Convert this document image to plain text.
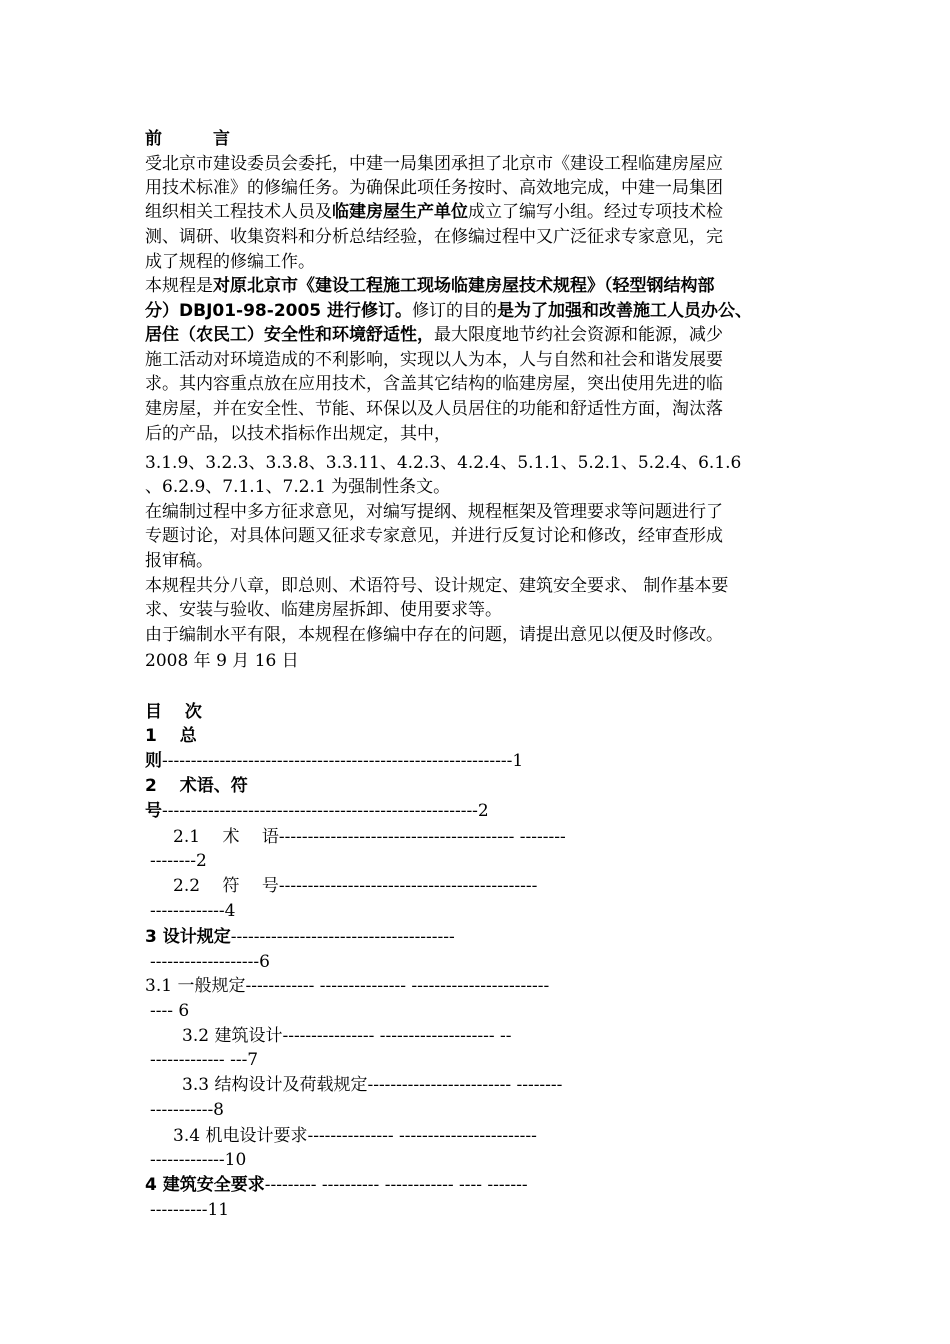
前　　　言
受北京市建设委员会委托，中建一局集团承担了北京市《建设工程临建房屋应
用技术标准》的修编任务。为确保此项任务按时、高效地完成，中建一局集团
组织相关工程技术人员及临建房屋生产单位成立了编写小组。经过专项技术检
测、调研、收集资料和分析总结经验，在修编过程中又广泛征求专家意见，完
成了规程的修编工作。
本规程是对原北京市《建设工程施工现场临建房屋技术规程》（轻型钢结构部
分）DBJ01-98-2005 进行修订。修订的目的是为了加强和改善施工人员办公、
居住（农民工）安全性和环境舒适性，最大限度地节约社会资源和能源，减少
施工活动对环境造成的不利影响，实现以人为本，人与自然和社会和谐发展要
求。其内容重点放在应用技术，含盖其它结构的临建房屋，突出使用先进的临
建房屋，并在安全性、节能、环保以及人员居住的功能和舒适性方面，淘汰落
后的产品，以技术指标作出规定，其中，
3.1.9、3.2.3、3.3.8、3.3.11、4.2.3、4.2.4、5.1.1、5.2.1、5.2.4、6.1.6
、6.2.9、7.1.1、7.2.1 为强制性条文。
在编制过程中多方征求意见，对编写提纲、规程框架及管理要求等问题进行了
专题讨论，对具体问题又征求专家意见，并进行反复讨论和修改，经审查形成
报审稿。
本规程共分八章，即总则、术语符号、设计规定、建筑安全要求、 制作基本要
求、安装与验收、临建房屋拆卸、使用要求等。
由于编制水平有限，本规程在修编中存在的问题，请提出意见以便及时修改。
2008 年 9 月 16 日
目　 次
1　 总
则-------------------------------------------------------------1
2　 术语、符
号-------------------------------------------------------2
2.1　 术　 语----------------------------------------- --------
--------2
2.2　 符　 号---------------------------------------------
-------------4
3 设计规定---------------------------------------
-------------------6
3.1 一般规定------------ --------------- ------------------------
---- 6
3.2 建筑设计---------------- -------------------- --
------------- ---7
3.3 结构设计及荷载规定------------------------- --------
-----------8
3.4 机电设计要求--------------- ------------------------
-------------10
4 建筑安全要求--------- ---------- ------------ ---- -------
----------11
